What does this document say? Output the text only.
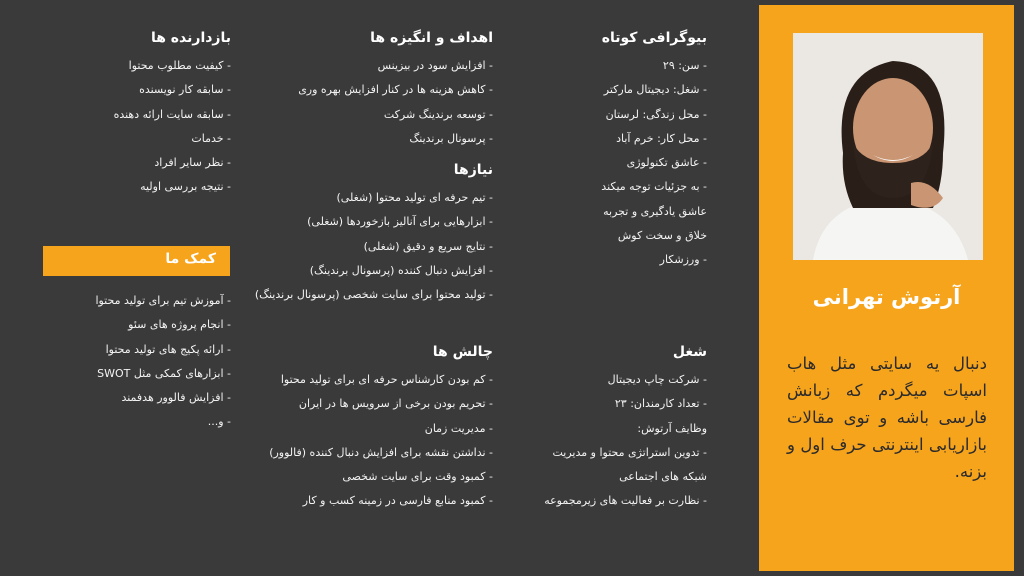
آرتوش تهرانی
دنبال یه سایتی مثل هاب اسپات میگردم که زبانش فارسی باشه و توی مقالات بازاریابی اینترنتی حرف اول و بزنه.
بیوگرافی کوتاه
- سن: ۲۹
- شغل: دیجیتال مارکتر
- محل زندگی: لرستان
- محل کار: خرم آباد
- عاشق تکنولوژی
- به جزئیات توجه میکند
عاشق یادگیری و تجربه
خلاق و سخت کوش
- ورزشکار
شغل
- شرکت چاپ دیجیتال
- تعداد کارمندان: ۲۳
وظایف آرتوش:
- تدوین استراتژی محتوا و مدیریت
شبکه های اجتماعی
- نظارت بر فعالیت های زیرمجموعه
اهداف و انگیزه ها
- افزایش سود در بیزینس
- کاهش هزینه ها در کنار افزایش بهره وری
- توسعه برندینگ شرکت
- پرسونال برندینگ
نیازها
- تیم حرفه ای تولید محتوا (شغلی)
- ابزارهایی برای آنالیز بازخوردها (شغلی)
- نتایج سریع و دقیق (شغلی)
- افزایش دنبال کننده (پرسونال برندینگ)
- تولید محتوا برای سایت شخصی (پرسونال برندینگ)
چالش ها
- کم بودن کارشناس حرفه ای برای تولید محتوا
- تحریم بودن برخی از سرویس ها در ایران
- مدیریت زمان
- نداشتن نقشه برای افزایش دنبال کننده (فالوور)
- کمبود وقت برای سایت شخصی
- کمبود منابع فارسی در زمینه کسب و کار
بازدارنده ها
- کیفیت مطلوب محتوا
- سابقه کار نویسنده
- سابقه سایت ارائه دهنده
- خدمات
- نظر سایر افراد
- نتیجه بررسی اولیه
کمک ما
- آموزش تیم برای تولید محتوا
- انجام پروژه های سئو
- ارائه پکیج های تولید محتوا
- ابزارهای کمکی مثل SWOT
- افزایش فالوور هدفمند
- و...
